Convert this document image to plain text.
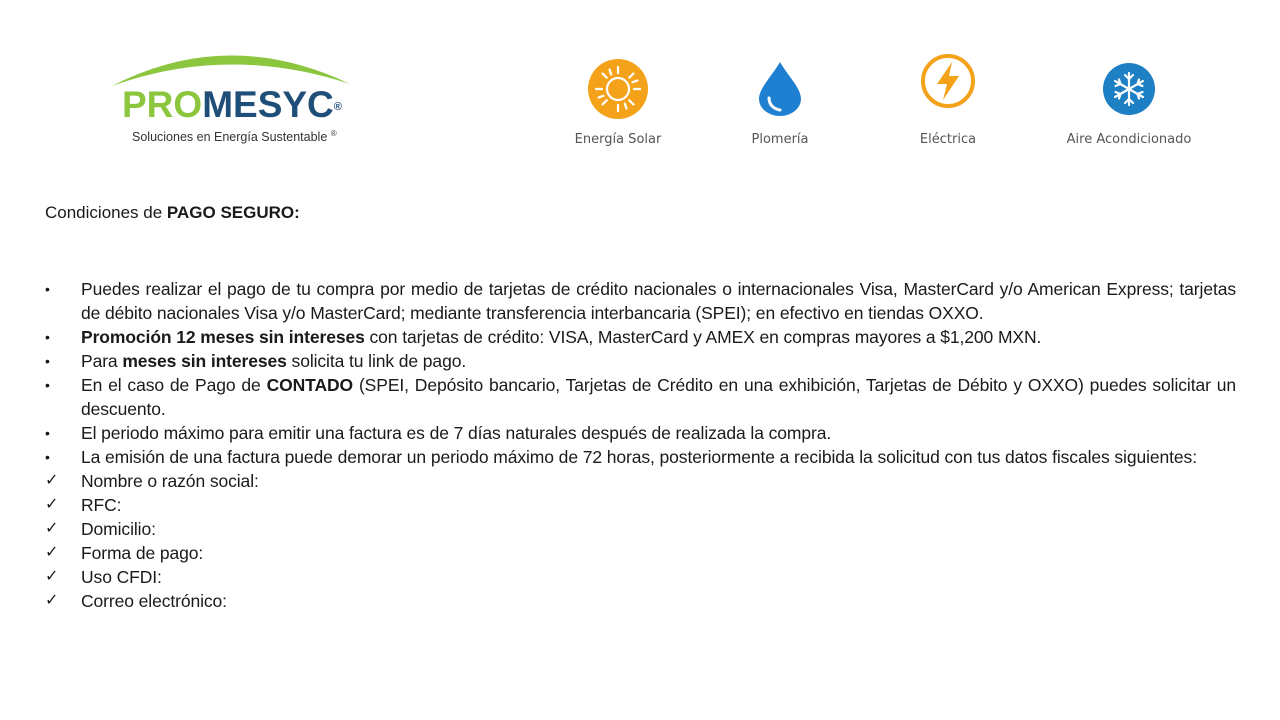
PROMESYC®
Soluciones en Energía Sustentable ®	Energía Solar	Plomería	Eléctrica	Aire Acondicionado
Condiciones de PAGO SEGURO:
•	Puedes realizar el pago de tu compra por medio de tarjetas de crédito nacionales o internacionales Visa, MasterCard y/o American Express; tarjetas de débito nacionales Visa y/o MasterCard; mediante transferencia interbancaria (SPEI); en efectivo en tiendas OXXO.
•	Promoción 12 meses sin intereses con tarjetas de crédito: VISA, MasterCard y AMEX en compras mayores a $1,200 MXN.
•	Para meses sin intereses solicita tu link de pago.
•	En el caso de Pago de CONTADO (SPEI, Depósito bancario, Tarjetas de Crédito en una exhibición, Tarjetas de Débito y OXXO) puedes solicitar un descuento.
•	El periodo máximo para emitir una factura es de 7 días naturales después de realizada la compra.
•	La emisión de una factura puede demorar un periodo máximo de 72 horas, posteriormente a recibida la solicitud con tus datos fiscales siguientes:
✓	Nombre o razón social:
✓	RFC:
✓	Domicilio:
✓	Forma de pago:
✓	Uso CFDI:
✓	Correo electrónico:
